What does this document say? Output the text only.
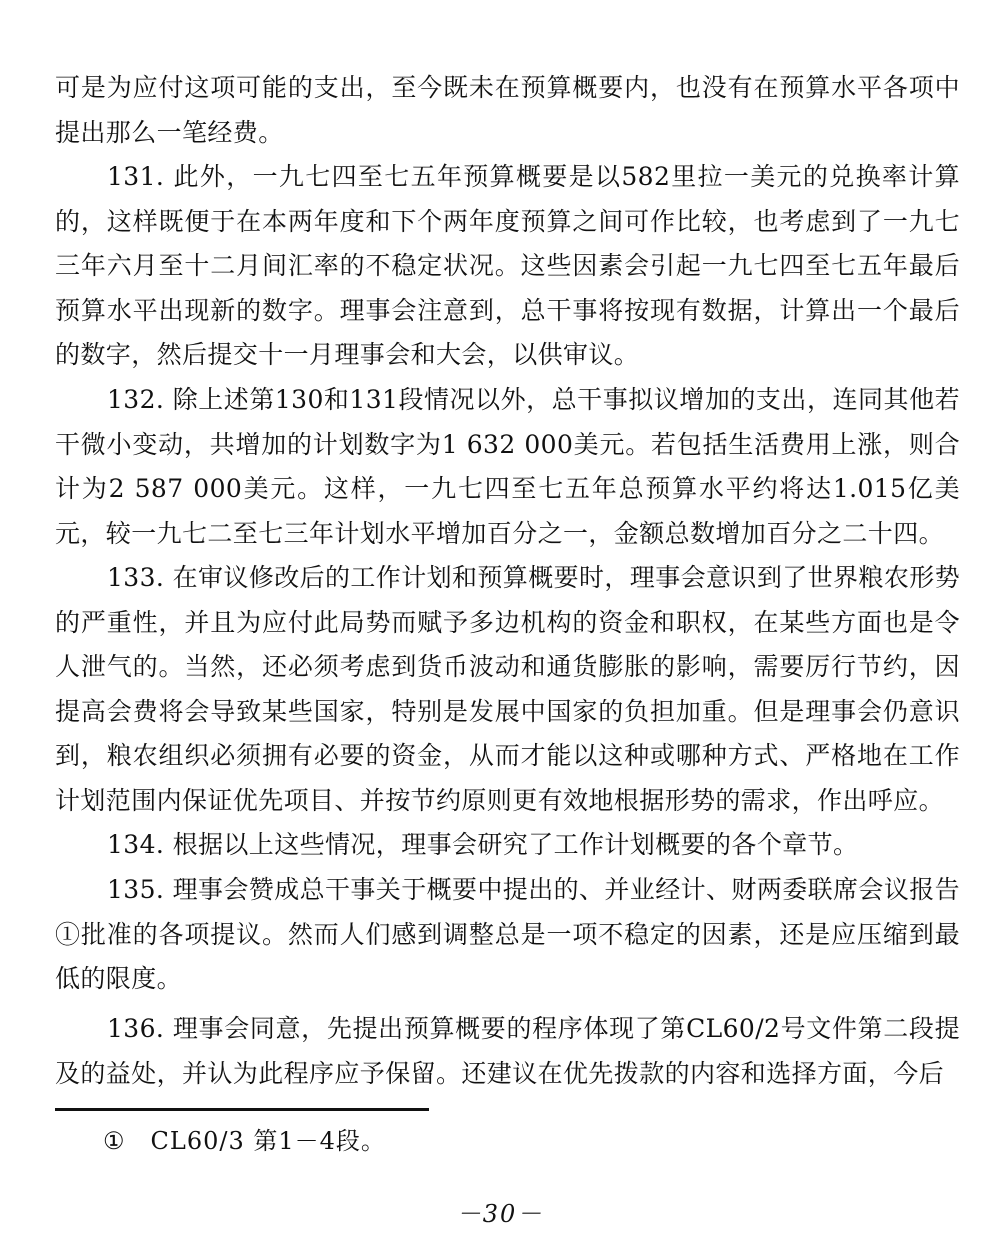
可是为应付这项可能的支出，至今既未在预算概要内，也没有在预算水平各项中提出那么一笔经费。

131. 此外，一九七四至七五年预算概要是以582里拉一美元的兑换率计算的，这样既便于在本两年度和下个两年度预算之间可作比较，也考虑到了一九七三年六月至十二月间汇率的不稳定状况。这些因素会引起一九七四至七五年最后预算水平出现新的数字。理事会注意到，总干事将按现有数据，计算出一个最后的数字，然后提交十一月理事会和大会，以供审议。

132. 除上述第130和131段情况以外，总干事拟议增加的支出，连同其他若干微小变动，共增加的计划数字为1 632 000美元。若包括生活费用上涨，则合计为2 587 000美元。这样，一九七四至七五年总预算水平约将达1.015亿美元，较一九七二至七三年计划水平增加百分之一，金额总数增加百分之二十四。

133. 在审议修改后的工作计划和预算概要时，理事会意识到了世界粮农形势的严重性，并且为应付此局势而赋予多边机构的资金和职权，在某些方面也是令人泄气的。当然，还必须考虑到货币波动和通货膨胀的影响，需要厉行节约，因提高会费将会导致某些国家，特别是发展中国家的负担加重。但是理事会仍意识到，粮农组织必须拥有必要的资金，从而才能以这种或哪种方式、严格地在工作计划范围内保证优先项目、并按节约原则更有效地根据形势的需求，作出呼应。

134. 根据以上这些情况，理事会研究了工作计划概要的各个章节。

135. 理事会赞成总干事关于概要中提出的、并业经计、财两委联席会议报告①批准的各项提议。然而人们感到调整总是一项不稳定的因素，还是应压缩到最低的限度。

136. 理事会同意，先提出预算概要的程序体现了第CL60/2号文件第二段提及的益处，并认为此程序应予保留。还建议在优先拨款的内容和选择方面，今后

①　CL60/3 第1－4段。

－30－
